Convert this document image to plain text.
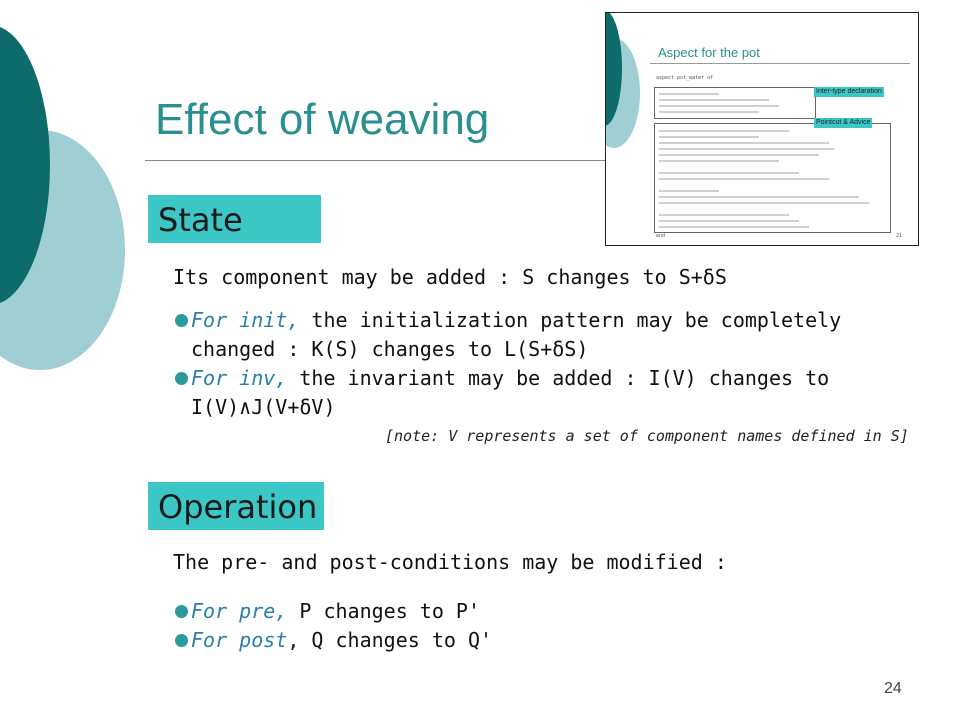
Effect of weaving
Aspect for the pot
aspect pot_water of
Inter-type declaration
Pointcut & Advice
end	21
State
Its component may be added : S changes to S+δS
For init, the initialization pattern may be completely
changed : K(S) changes to L(S+δS)
For inv, the invariant may be added : I(V) changes to
I(V)∧J(V+δV)
[note: V represents a set of component names defined in S]
Operation
The pre- and post-conditions may be modified :
For pre, P changes to P'
For post, Q changes to Q'
24
